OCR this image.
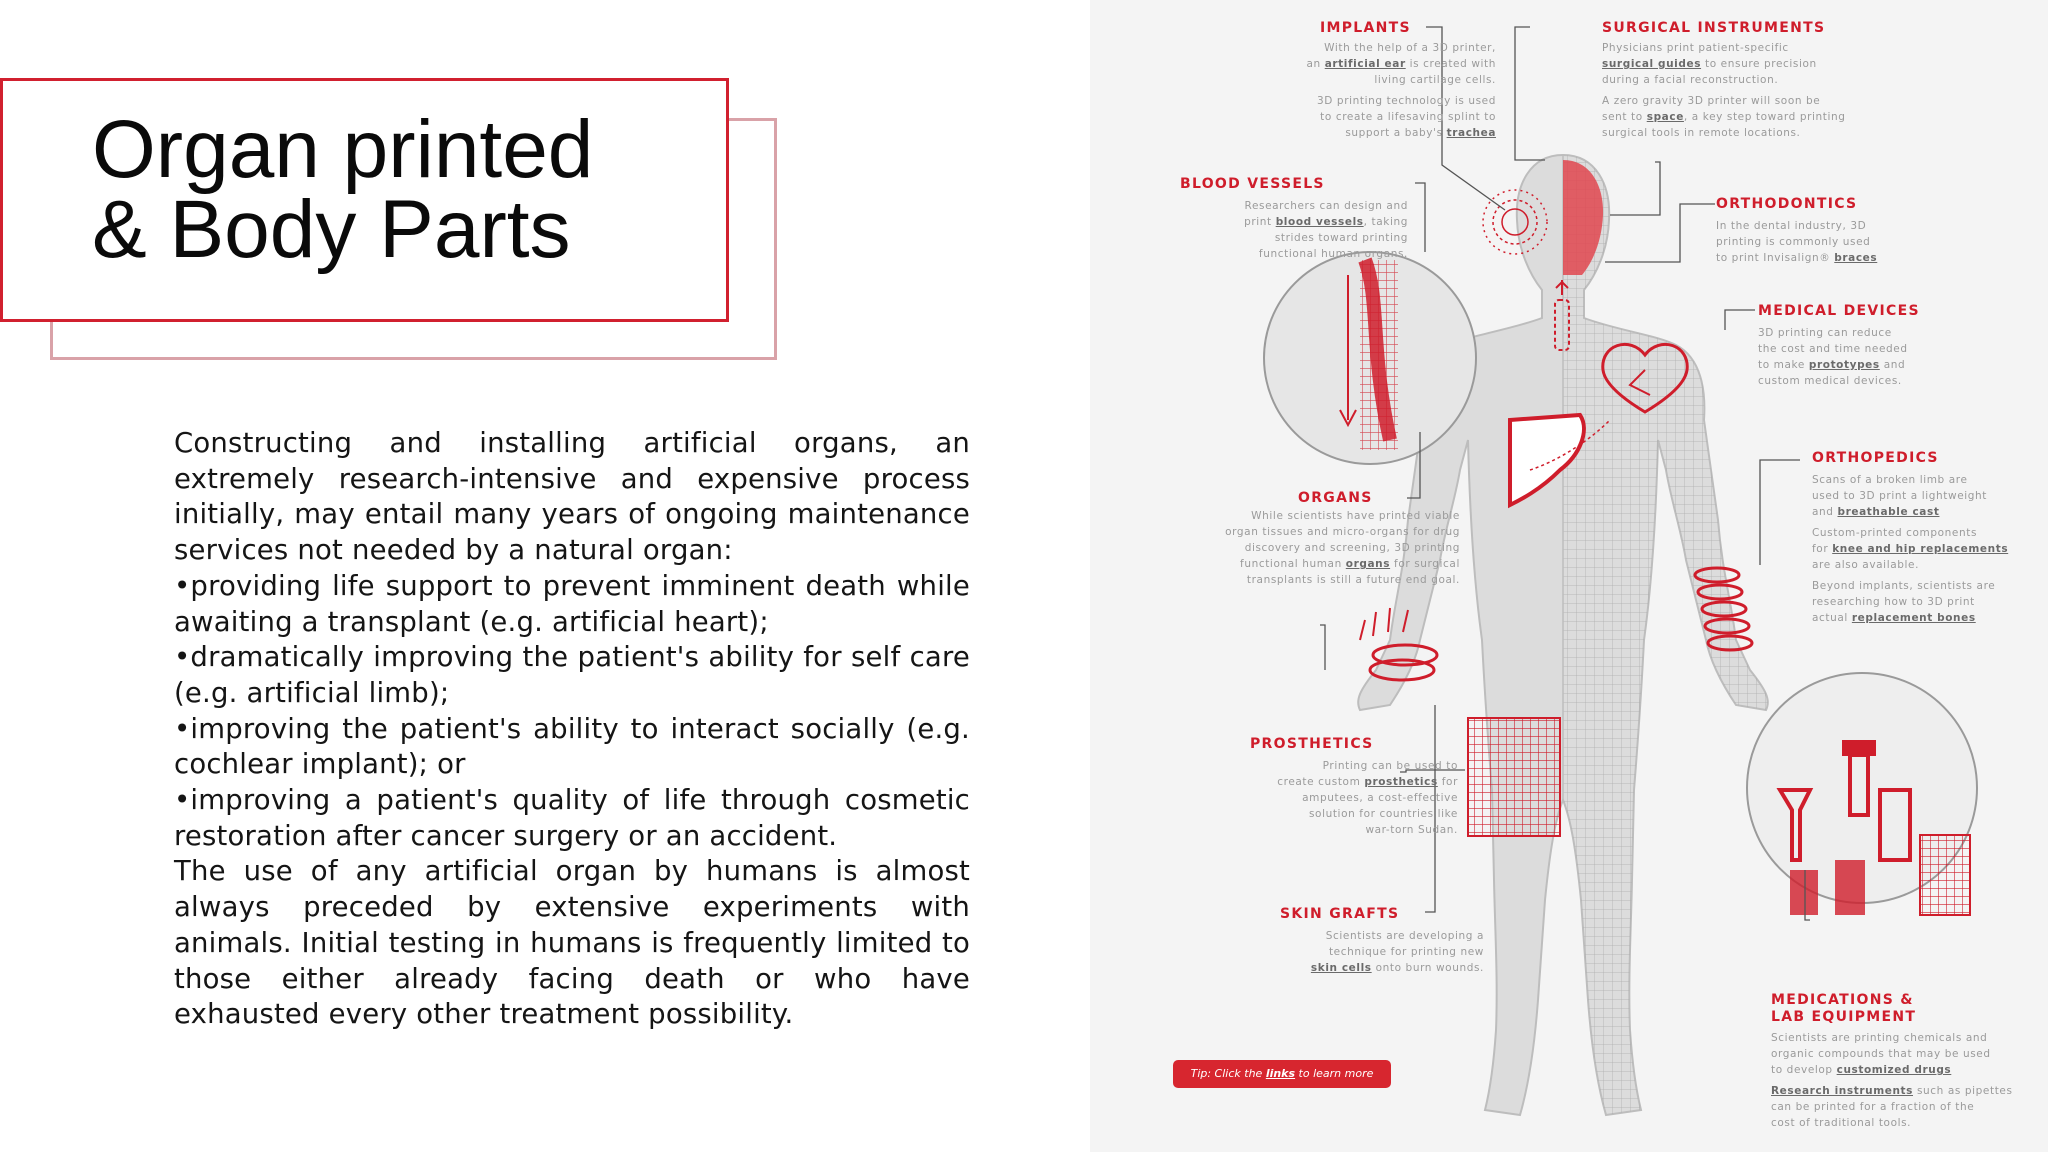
Organ printed
& Body Parts

Constructing and installing artificial organs, an extremely research-intensive and expensive process initially, may entail many years of ongoing maintenance services not needed by a natural organ:

•providing life support to prevent imminent death while awaiting a transplant (e.g. artificial heart);

•dramatically improving the patient's ability for self care (e.g. artificial limb);

•improving the patient's ability to interact socially (e.g. cochlear implant); or

•improving a patient's quality of life through cosmetic restoration after cancer surgery or an accident.

The use of any artificial organ by humans is almost always preceded by extensive experiments with animals. Initial testing in humans is frequently limited to those either already facing death or who have exhausted every other treatment possibility.

IMPLANTS
With the help of a 3D printer,
an artificial ear is created with
living cartilage cells.
3D printing technology is used
to create a lifesaving splint to
support a baby's trachea
SURGICAL INSTRUMENTS
Physicians print patient-specific
surgical guides to ensure precision
during a facial reconstruction.
A zero gravity 3D printer will soon be
sent to space, a key step toward printing
surgical tools in remote locations.
BLOOD VESSELS
Researchers can design and
print blood vessels, taking
strides toward printing
functional human organs.
ORTHODONTICS
In the dental industry, 3D
printing is commonly used
to print Invisalign® braces
MEDICAL DEVICES
3D printing can reduce
the cost and time needed
to make prototypes and
custom medical devices.
ORGANS
While scientists have printed viable
organ tissues and micro-organs for drug
discovery and screening, 3D printing
functional human organs for surgical
transplants is still a future end goal.
ORTHOPEDICS
Scans of a broken limb are
used to 3D print a lightweight
and breathable cast
Custom-printed components
for knee and hip replacements
are also available.
Beyond implants, scientists are
researching how to 3D print
actual replacement bones
PROSTHETICS
Printing can be used to
create custom prosthetics for
amputees, a cost-effective
solution for countries like
war-torn Sudan.
SKIN GRAFTS
Scientists are developing a
technique for printing new
skin cells onto burn wounds.
MEDICATIONS &
LAB EQUIPMENT
Scientists are printing chemicals and
organic compounds that may be used
to develop customized drugs
Research instruments such as pipettes
can be printed for a fraction of the
cost of traditional tools.
Tip: Click the links to learn more
